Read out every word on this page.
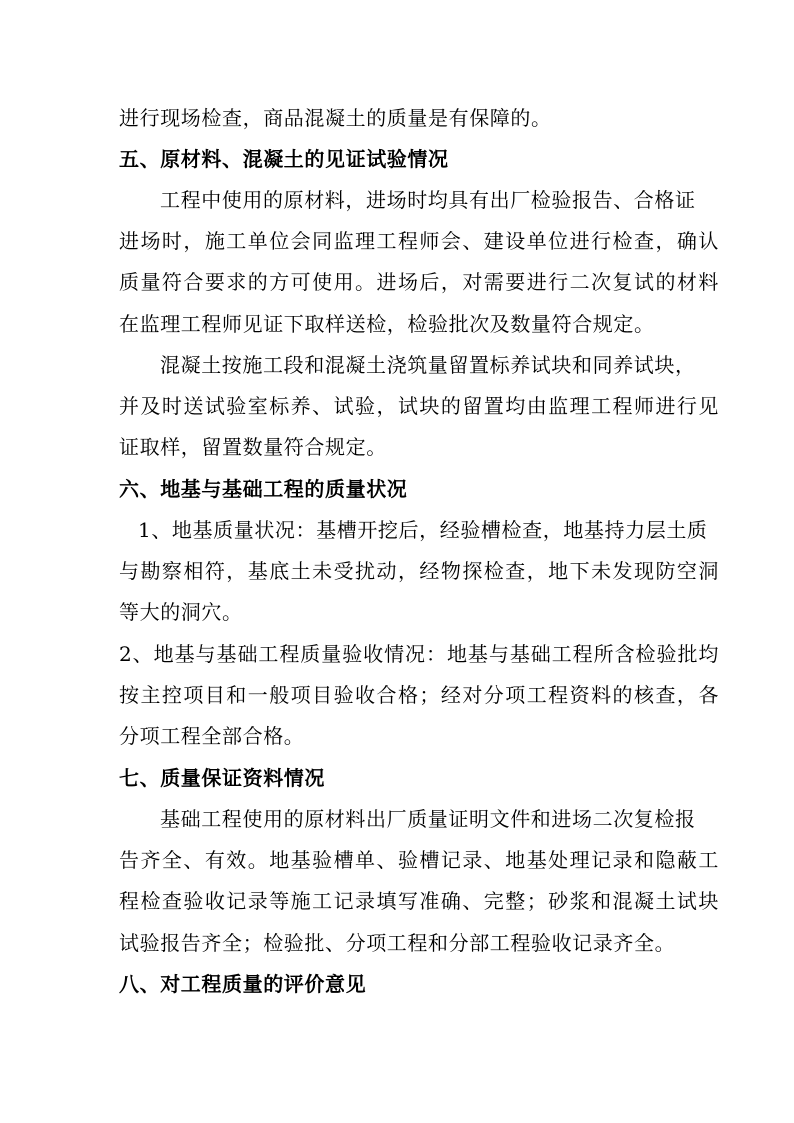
进行现场检查，商品混凝土的质量是有保障的。
五、原材料、混凝土的见证试验情况
工程中使用的原材料，进场时均具有出厂检验报告、合格证
进场时，施工单位会同监理工程师会、建设单位进行检查，确认
质量符合要求的方可使用。进场后，对需要进行二次复试的材料
在监理工程师见证下取样送检，检验批次及数量符合规定。
混凝土按施工段和混凝土浇筑量留置标养试块和同养试块，
并及时送试验室标养、试验，试块的留置均由监理工程师进行见
证取样，留置数量符合规定。
六、地基与基础工程的质量状况
1、地基质量状况：基槽开挖后，经验槽检查，地基持力层土质
与勘察相符，基底土未受扰动，经物探检查，地下未发现防空洞
等大的洞穴。
2、地基与基础工程质量验收情况：地基与基础工程所含检验批均
按主控项目和一般项目验收合格；经对分项工程资料的核查，各
分项工程全部合格。
七、质量保证资料情况
基础工程使用的原材料出厂质量证明文件和进场二次复检报
告齐全、有效。地基验槽单、验槽记录、地基处理记录和隐蔽工
程检查验收记录等施工记录填写准确、完整；砂浆和混凝土试块
试验报告齐全；检验批、分项工程和分部工程验收记录齐全。
八、对工程质量的评价意见
